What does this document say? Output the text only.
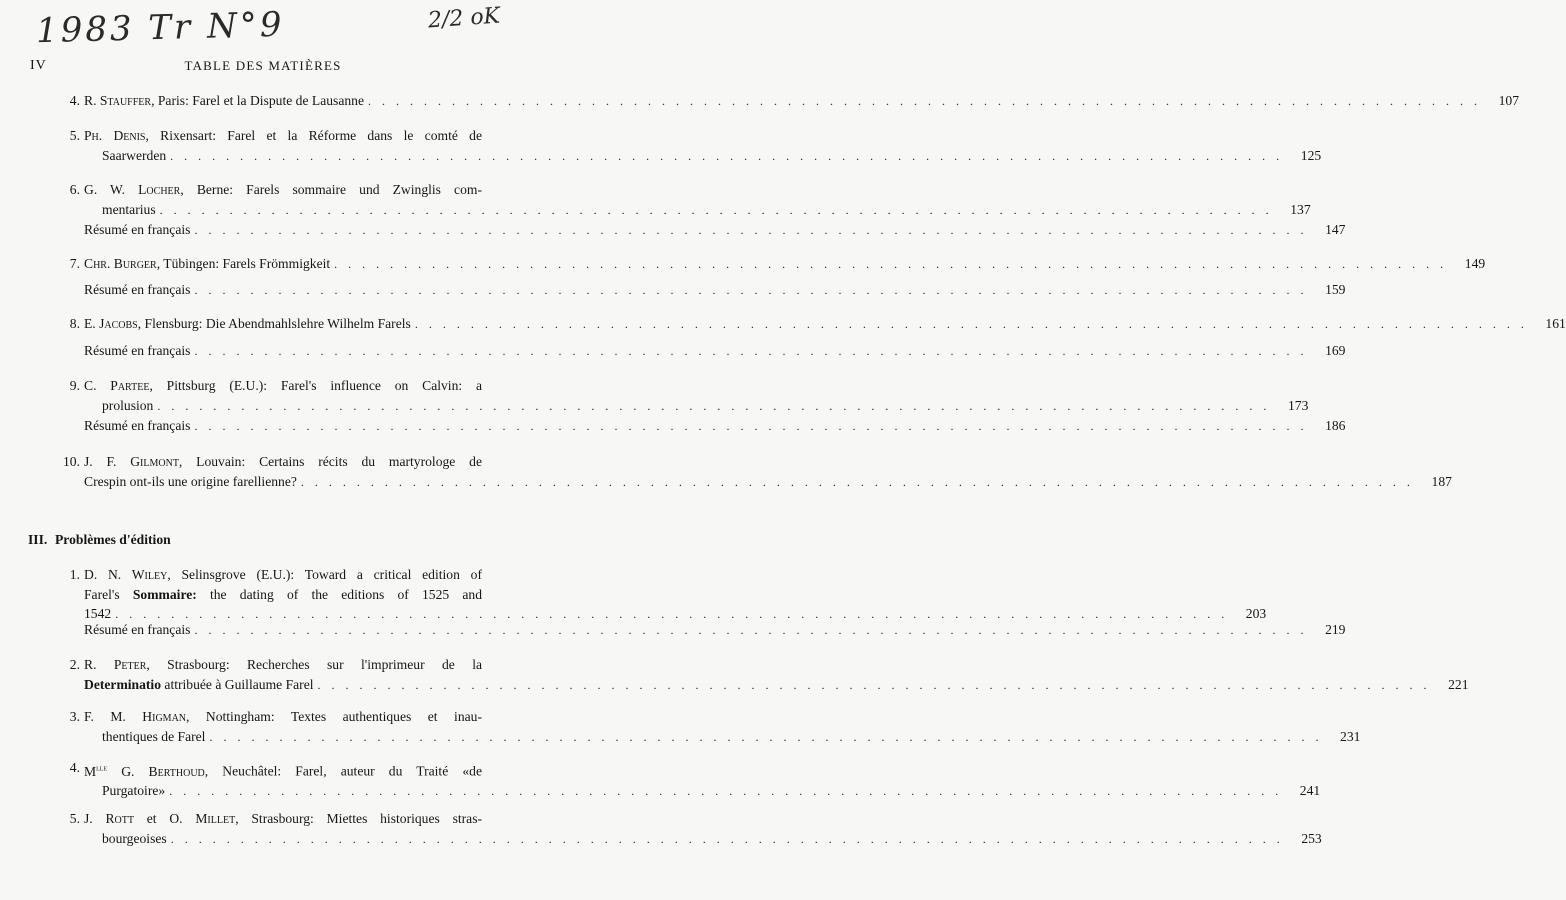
1983 Tr N°9	2/2 oK
IV	TABLE DES MATIÈRES
4. R. Stauffer, Paris: Farel et la Dispute de Lausanne . . . . . . . . . . . . . . . . . . . . . . . . . . . . . . . . . . . . . . . . . . . . . . . . . . . . . . . . . . . . . . . . . . . . . . . . . . . . . . . .	107
5. Ph. Denis, Rixensart: Farel et la Réforme dans le comté de
Saarwerden . . . . . . . . . . . . . . . . . . . . . . . . . . . . . . . . . . . . . . . . . . . . . . . . . . . . . . . . . . . . . . . . . . . . . . . . . . . . . . . .	125
6. G. W. Locher, Berne: Farels sommaire und Zwinglis com-
mentarius . . . . . . . . . . . . . . . . . . . . . . . . . . . . . . . . . . . . . . . . . . . . . . . . . . . . . . . . . . . . . . . . . . . . . . . . . . . . . . . .	137
Résumé en français . . . . . . . . . . . . . . . . . . . . . . . . . . . . . . . . . . . . . . . . . . . . . . . . . . . . . . . . . . . . . . . . . . . . . . . . . . . . . . . .	147
7. Chr. Burger, Tübingen: Farels Frömmigkeit . . . . . . . . . . . . . . . . . . . . . . . . . . . . . . . . . . . . . . . . . . . . . . . . . . . . . . . . . . . . . . . . . . . . . . . . . . . . . . . .	149
Résumé en français . . . . . . . . . . . . . . . . . . . . . . . . . . . . . . . . . . . . . . . . . . . . . . . . . . . . . . . . . . . . . . . . . . . . . . . . . . . . . . . .	159
8. E. Jacobs, Flensburg: Die Abendmahlslehre Wilhelm Farels . . . . . . . . . . . . . . . . . . . . . . . . . . . . . . . . . . . . . . . . . . . . . . . . . . . . . . . . . . . . . . . . . . . . . . . . . . . . . . . .	161
Résumé en français . . . . . . . . . . . . . . . . . . . . . . . . . . . . . . . . . . . . . . . . . . . . . . . . . . . . . . . . . . . . . . . . . . . . . . . . . . . . . . . .	169
9. C. Partee, Pittsburg (E.U.): Farel's influence on Calvin: a
prolusion . . . . . . . . . . . . . . . . . . . . . . . . . . . . . . . . . . . . . . . . . . . . . . . . . . . . . . . . . . . . . . . . . . . . . . . . . . . . . . . .	173
Résumé en français . . . . . . . . . . . . . . . . . . . . . . . . . . . . . . . . . . . . . . . . . . . . . . . . . . . . . . . . . . . . . . . . . . . . . . . . . . . . . . . .	186
10. J. F. Gilmont, Louvain: Certains récits du martyrologe de
Crespin ont-ils une origine farellienne? . . . . . . . . . . . . . . . . . . . . . . . . . . . . . . . . . . . . . . . . . . . . . . . . . . . . . . . . . . . . . . . . . . . . . . . . . . . . . . . .	187
III. Problèmes d'édition
1. D. N. Wiley, Selinsgrove (E.U.): Toward a critical edition of
Farel's Sommaire: the dating of the editions of 1525 and
1542 . . . . . . . . . . . . . . . . . . . . . . . . . . . . . . . . . . . . . . . . . . . . . . . . . . . . . . . . . . . . . . . . . . . . . . . . . . . . . . . .	203
Résumé en français . . . . . . . . . . . . . . . . . . . . . . . . . . . . . . . . . . . . . . . . . . . . . . . . . . . . . . . . . . . . . . . . . . . . . . . . . . . . . . . .	219
2. R. Peter, Strasbourg: Recherches sur l'imprimeur de la
Determinatio attribuée à Guillaume Farel . . . . . . . . . . . . . . . . . . . . . . . . . . . . . . . . . . . . . . . . . . . . . . . . . . . . . . . . . . . . . . . . . . . . . . . . . . . . . . . .	221
3. F. M. Higman, Nottingham: Textes authentiques et inau-
thentiques de Farel . . . . . . . . . . . . . . . . . . . . . . . . . . . . . . . . . . . . . . . . . . . . . . . . . . . . . . . . . . . . . . . . . . . . . . . . . . . . . . . .	231
4. $M^{lle}$ G. Berthoud, Neuchâtel: Farel, auteur du Traité «de
Purgatoire» . . . . . . . . . . . . . . . . . . . . . . . . . . . . . . . . . . . . . . . . . . . . . . . . . . . . . . . . . . . . . . . . . . . . . . . . . . . . . . . .	241
5. J. Rott et O. Millet, Strasbourg: Miettes historiques stras-
bourgeoises . . . . . . . . . . . . . . . . . . . . . . . . . . . . . . . . . . . . . . . . . . . . . . . . . . . . . . . . . . . . . . . . . . . . . . . . . . . . . . . .	253
